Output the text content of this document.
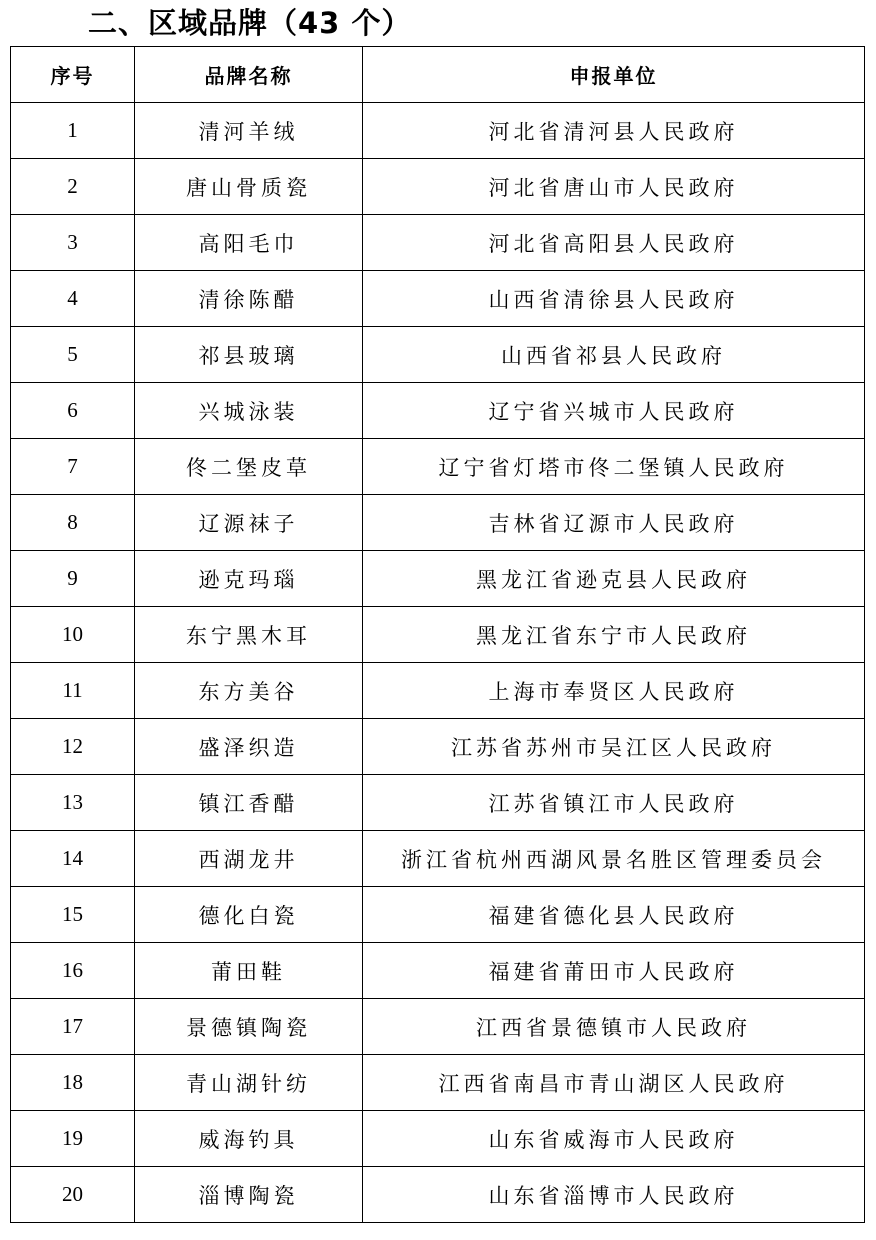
二、区域品牌（43 个）
序号	品牌名称	申报单位
1	清河羊绒	河北省清河县人民政府
2	唐山骨质瓷	河北省唐山市人民政府
3	高阳毛巾	河北省高阳县人民政府
4	清徐陈醋	山西省清徐县人民政府
5	祁县玻璃	山西省祁县人民政府
6	兴城泳装	辽宁省兴城市人民政府
7	佟二堡皮草	辽宁省灯塔市佟二堡镇人民政府
8	辽源袜子	吉林省辽源市人民政府
9	逊克玛瑙	黑龙江省逊克县人民政府
10	东宁黑木耳	黑龙江省东宁市人民政府
11	东方美谷	上海市奉贤区人民政府
12	盛泽织造	江苏省苏州市吴江区人民政府
13	镇江香醋	江苏省镇江市人民政府
14	西湖龙井	浙江省杭州西湖风景名胜区管理委员会
15	德化白瓷	福建省德化县人民政府
16	莆田鞋	福建省莆田市人民政府
17	景德镇陶瓷	江西省景德镇市人民政府
18	青山湖针纺	江西省南昌市青山湖区人民政府
19	威海钓具	山东省威海市人民政府
20	淄博陶瓷	山东省淄博市人民政府
